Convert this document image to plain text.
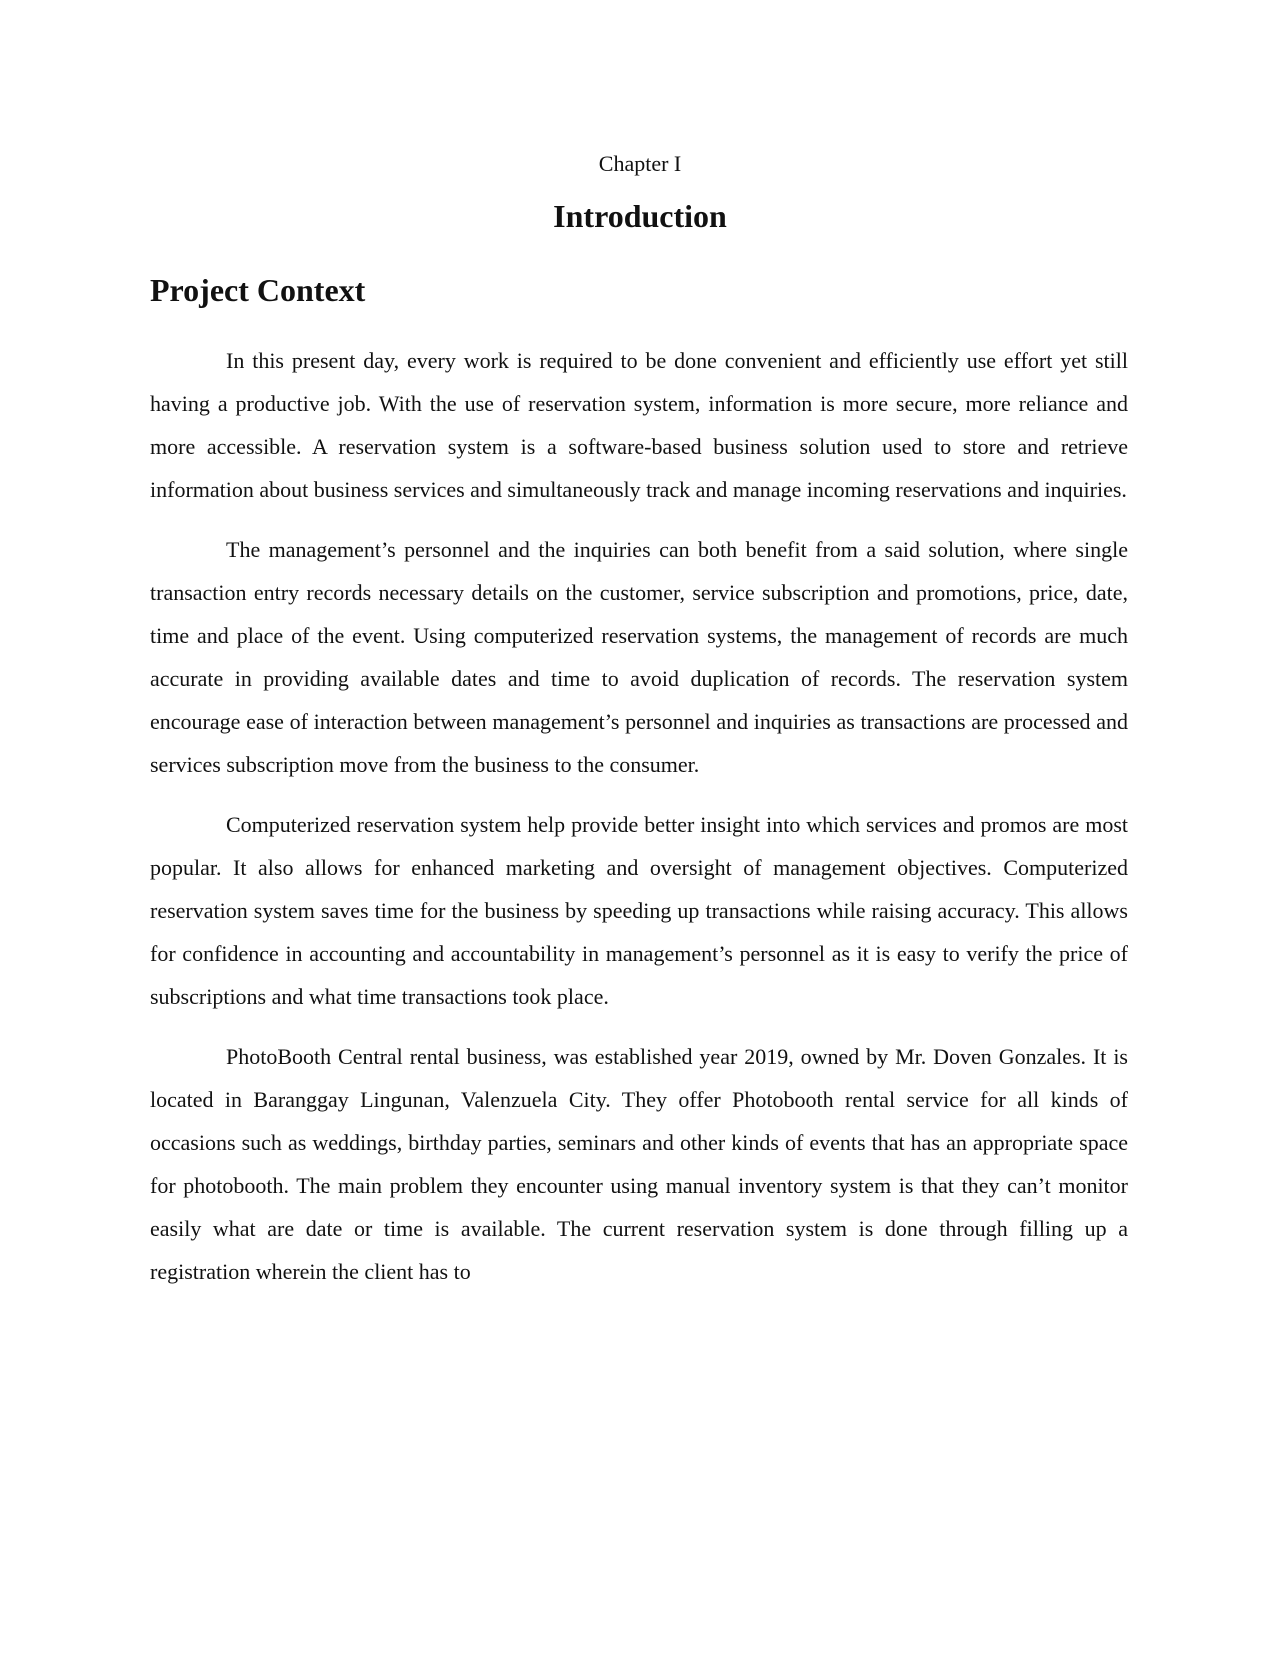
Chapter I
Introduction
Project Context

In this present day, every work is required to be done convenient and efficiently use effort yet still having a productive job. With the use of reservation system, information is more secure, more reliance and more accessible. A reservation system is a software-based business solution used to store and retrieve information about business services and simultaneously track and manage incoming reservations and inquiries.

The management’s personnel and the inquiries can both benefit from a said solution, where single transaction entry records necessary details on the customer, service subscription and promotions, price, date, time and place of the event. Using computerized reservation systems, the management of records are much accurate in providing available dates and time to avoid duplication of records. The reservation system encourage ease of interaction between management’s personnel and inquiries as transactions are processed and services subscription move from the business to the consumer.

Computerized reservation system help provide better insight into which services and promos are most popular. It also allows for enhanced marketing and oversight of management objectives. Computerized reservation system saves time for the business by speeding up transactions while raising accuracy. This allows for confidence in accounting and accountability in management’s personnel as it is easy to verify the price of subscriptions and what time transactions took place.

PhotoBooth Central rental business, was established year 2019, owned by Mr. Doven Gonzales. It is located in Baranggay Lingunan, Valenzuela City. They offer Photobooth rental service for all kinds of occasions such as weddings, birthday parties, seminars and other kinds of events that has an appropriate space for photobooth. The main problem they encounter using manual inventory system is that they can’t monitor easily what are date or time is available. The current reservation system is done through filling up a registration wherein the client has to
